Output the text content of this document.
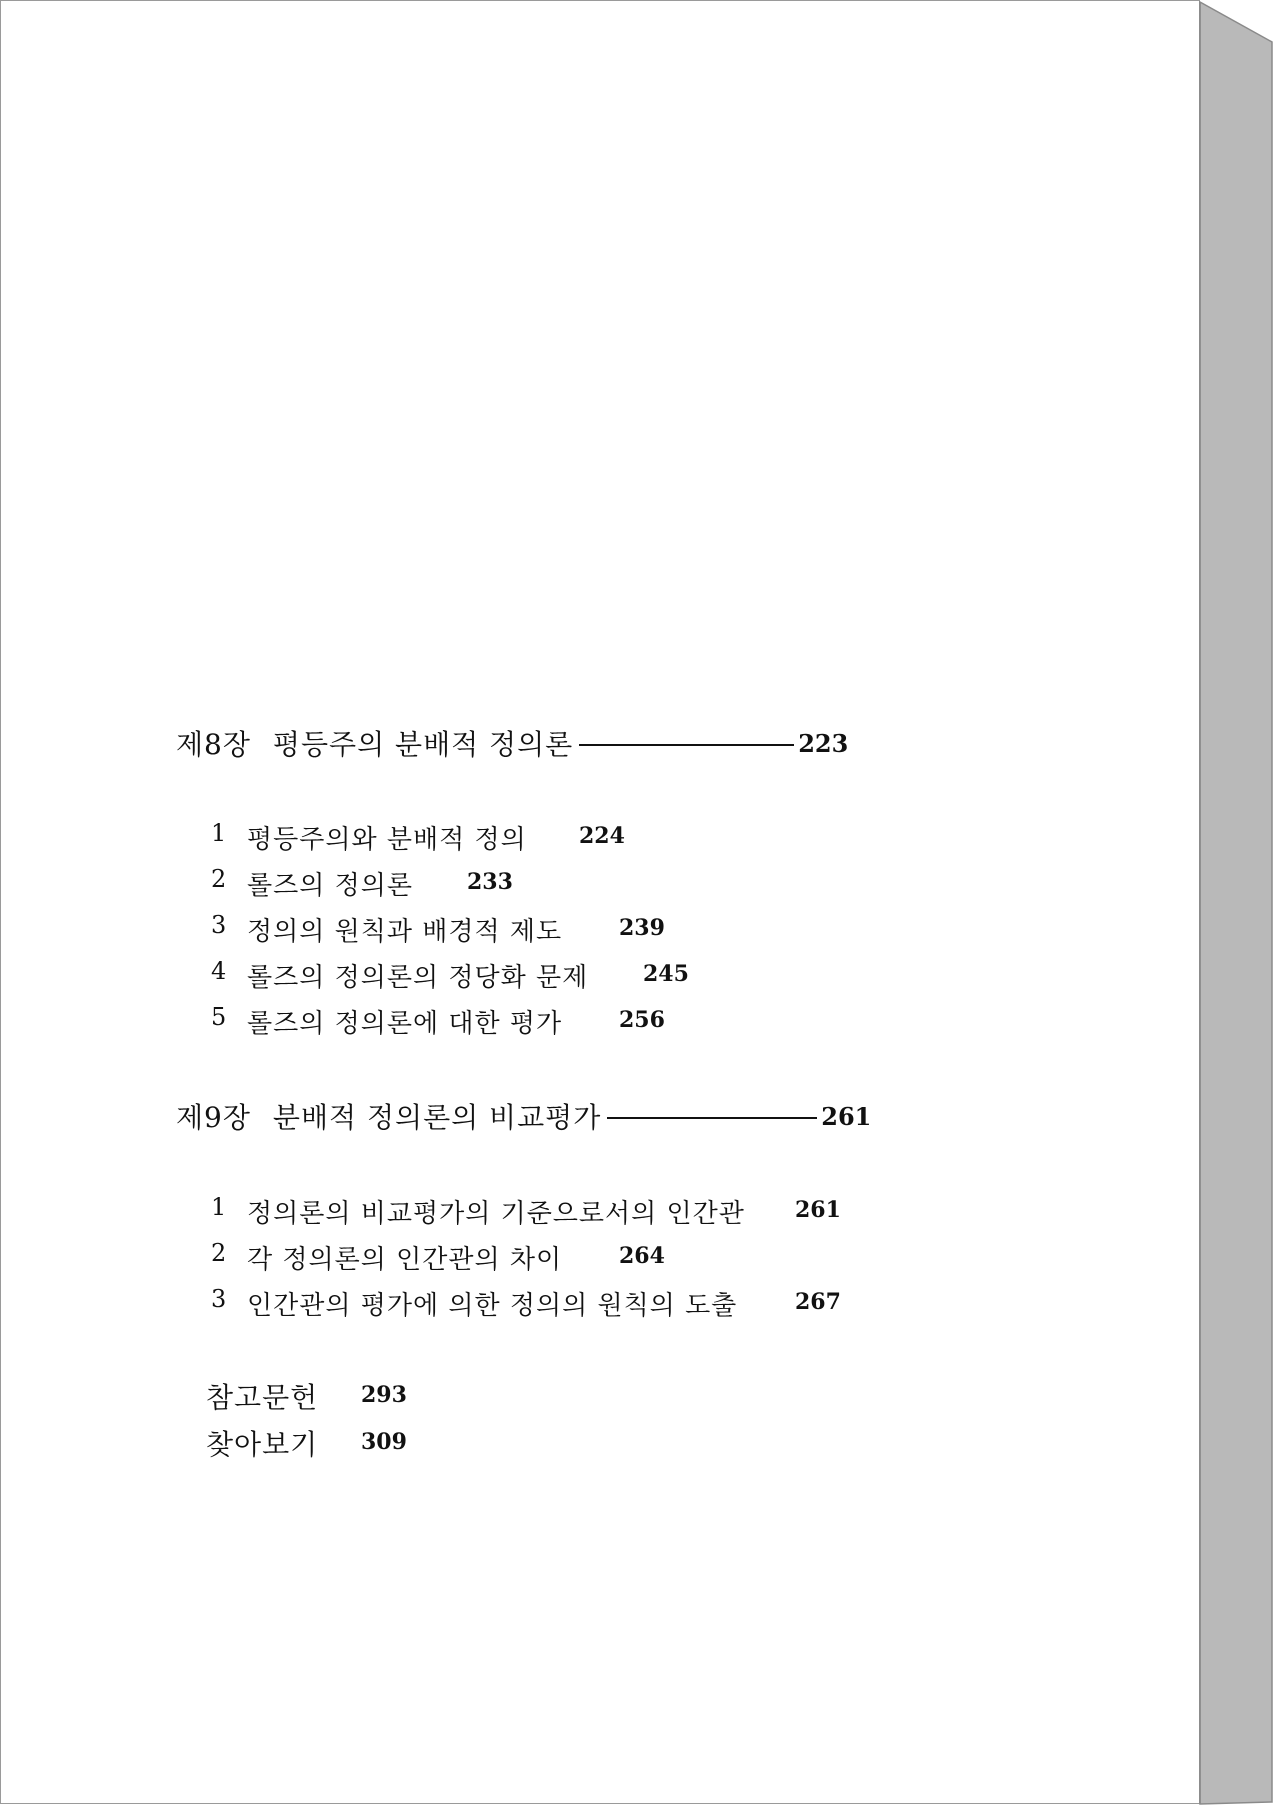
제8장 평등주의 분배적 정의론	223
1 평등주의와 분배적 정의 224
2 롤즈의 정의론 233
3 정의의 원칙과 배경적 제도	239
4 롤즈의 정의론의 정당화 문제 245
5 롤즈의 정의론에 대한 평가	256
제9장 분배적 정의론의 비교평가	261
1 정의론의 비교평가의 기준으로서의 인간관 261
2 각 정의론의 인간관의 차이	264
3 인간관의 평가에 의한 정의의 원칙의 도출	267
참고문헌 293
찾아보기 309
